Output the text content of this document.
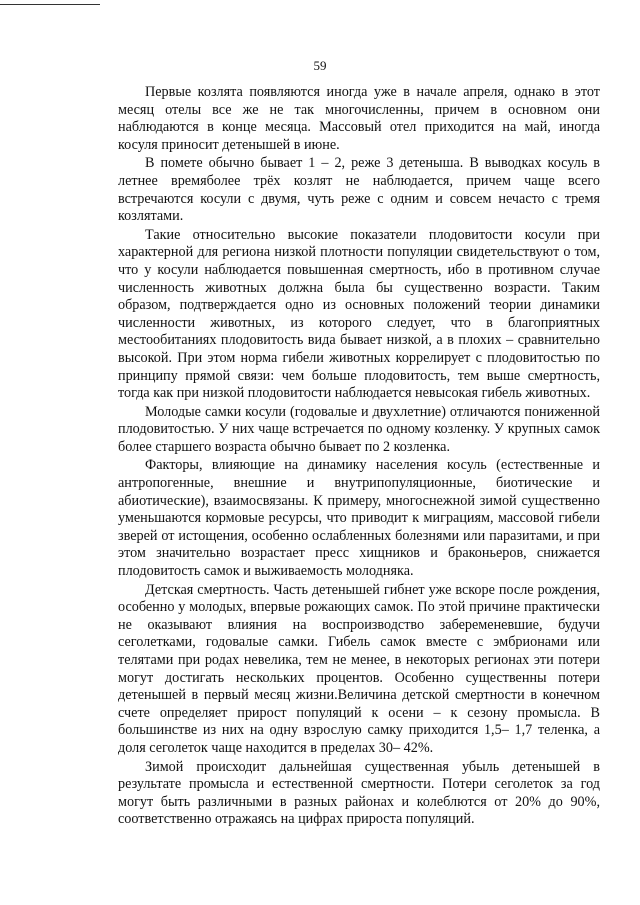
59

Первые козлята появляются иногда уже в начале апреля, однако в этот месяц отелы все же не так многочисленны, причем в основном они наблюдаются в конце месяца. Массовый отел приходится на май, иногда косуля приносит детенышей в июне.

В помете обычно бывает 1 – 2, реже 3 детеныша. В выводках косуль в летнее времяболее трёх козлят не наблюдается, причем чаще всего встречаются косули с двумя, чуть реже с одним и совсем нечасто с тремя козлятами.

Такие относительно высокие показатели плодовитости косули при характерной для региона низкой плотности популяции свидетельствуют о том, что у косули наблюдается повышенная смертность, ибо в противном случае численность животных должна была бы существенно возрасти. Таким образом, подтверждается одно из основных положений теории динамики численности животных, из которого следует, что в благоприятных местообитаниях плодовитость вида бывает низкой, а в плохих – сравнительно высокой. При этом норма гибели животных коррелирует с плодовитостью по принципу прямой связи: чем больше плодовитость, тем выше смертность, тогда как при низкой плодовитости наблюдается невысокая гибель животных.

Молодые самки косули (годовалые и двухлетние) отличаются пониженной плодовитостью. У них чаще встречается по одному козленку. У крупных самок более старшего возраста обычно бывает по 2 козленка.

Факторы, влияющие на динамику населения косуль (естественные и антропогенные, внешние и внутрипопуляционные, биотические и абиотические), взаимосвязаны. К примеру, многоснежной зимой существенно уменьшаются кормовые ресурсы, что приводит к миграциям, массовой гибели зверей от истощения, особенно ослабленных болезнями или паразитами, и при этом значительно возрастает пресс хищников и браконьеров, снижается плодовитость самок и выживаемость молодняка.

Детская смертность. Часть детенышей гибнет уже вскоре после рождения, особенно у молодых, впервые рожающих самок. По этой причине практически не оказывают влияния на воспроизводство забеременевшие, будучи сеголетками, годовалые самки. Гибель самок вместе с эмбрионами или телятами при родах невелика, тем не менее, в некоторых регионах эти потери могут достигать нескольких процентов. Особенно существенны потери детенышей в первый месяц жизни.Величина детской смертности в конечном счете определяет прирост популяций к осени – к сезону промысла. В большинстве из них на одну взрослую самку приходится 1,5– 1,7 теленка, а доля сеголеток чаще находится в пределах 30– 42%.

Зимой происходит дальнейшая существенная убыль детенышей в результате промысла и естественной смертности. Потери сеголеток за год могут быть различными в разных районах и колеблются от 20% до 90%, соответственно отражаясь на цифрах прироста популяций.
